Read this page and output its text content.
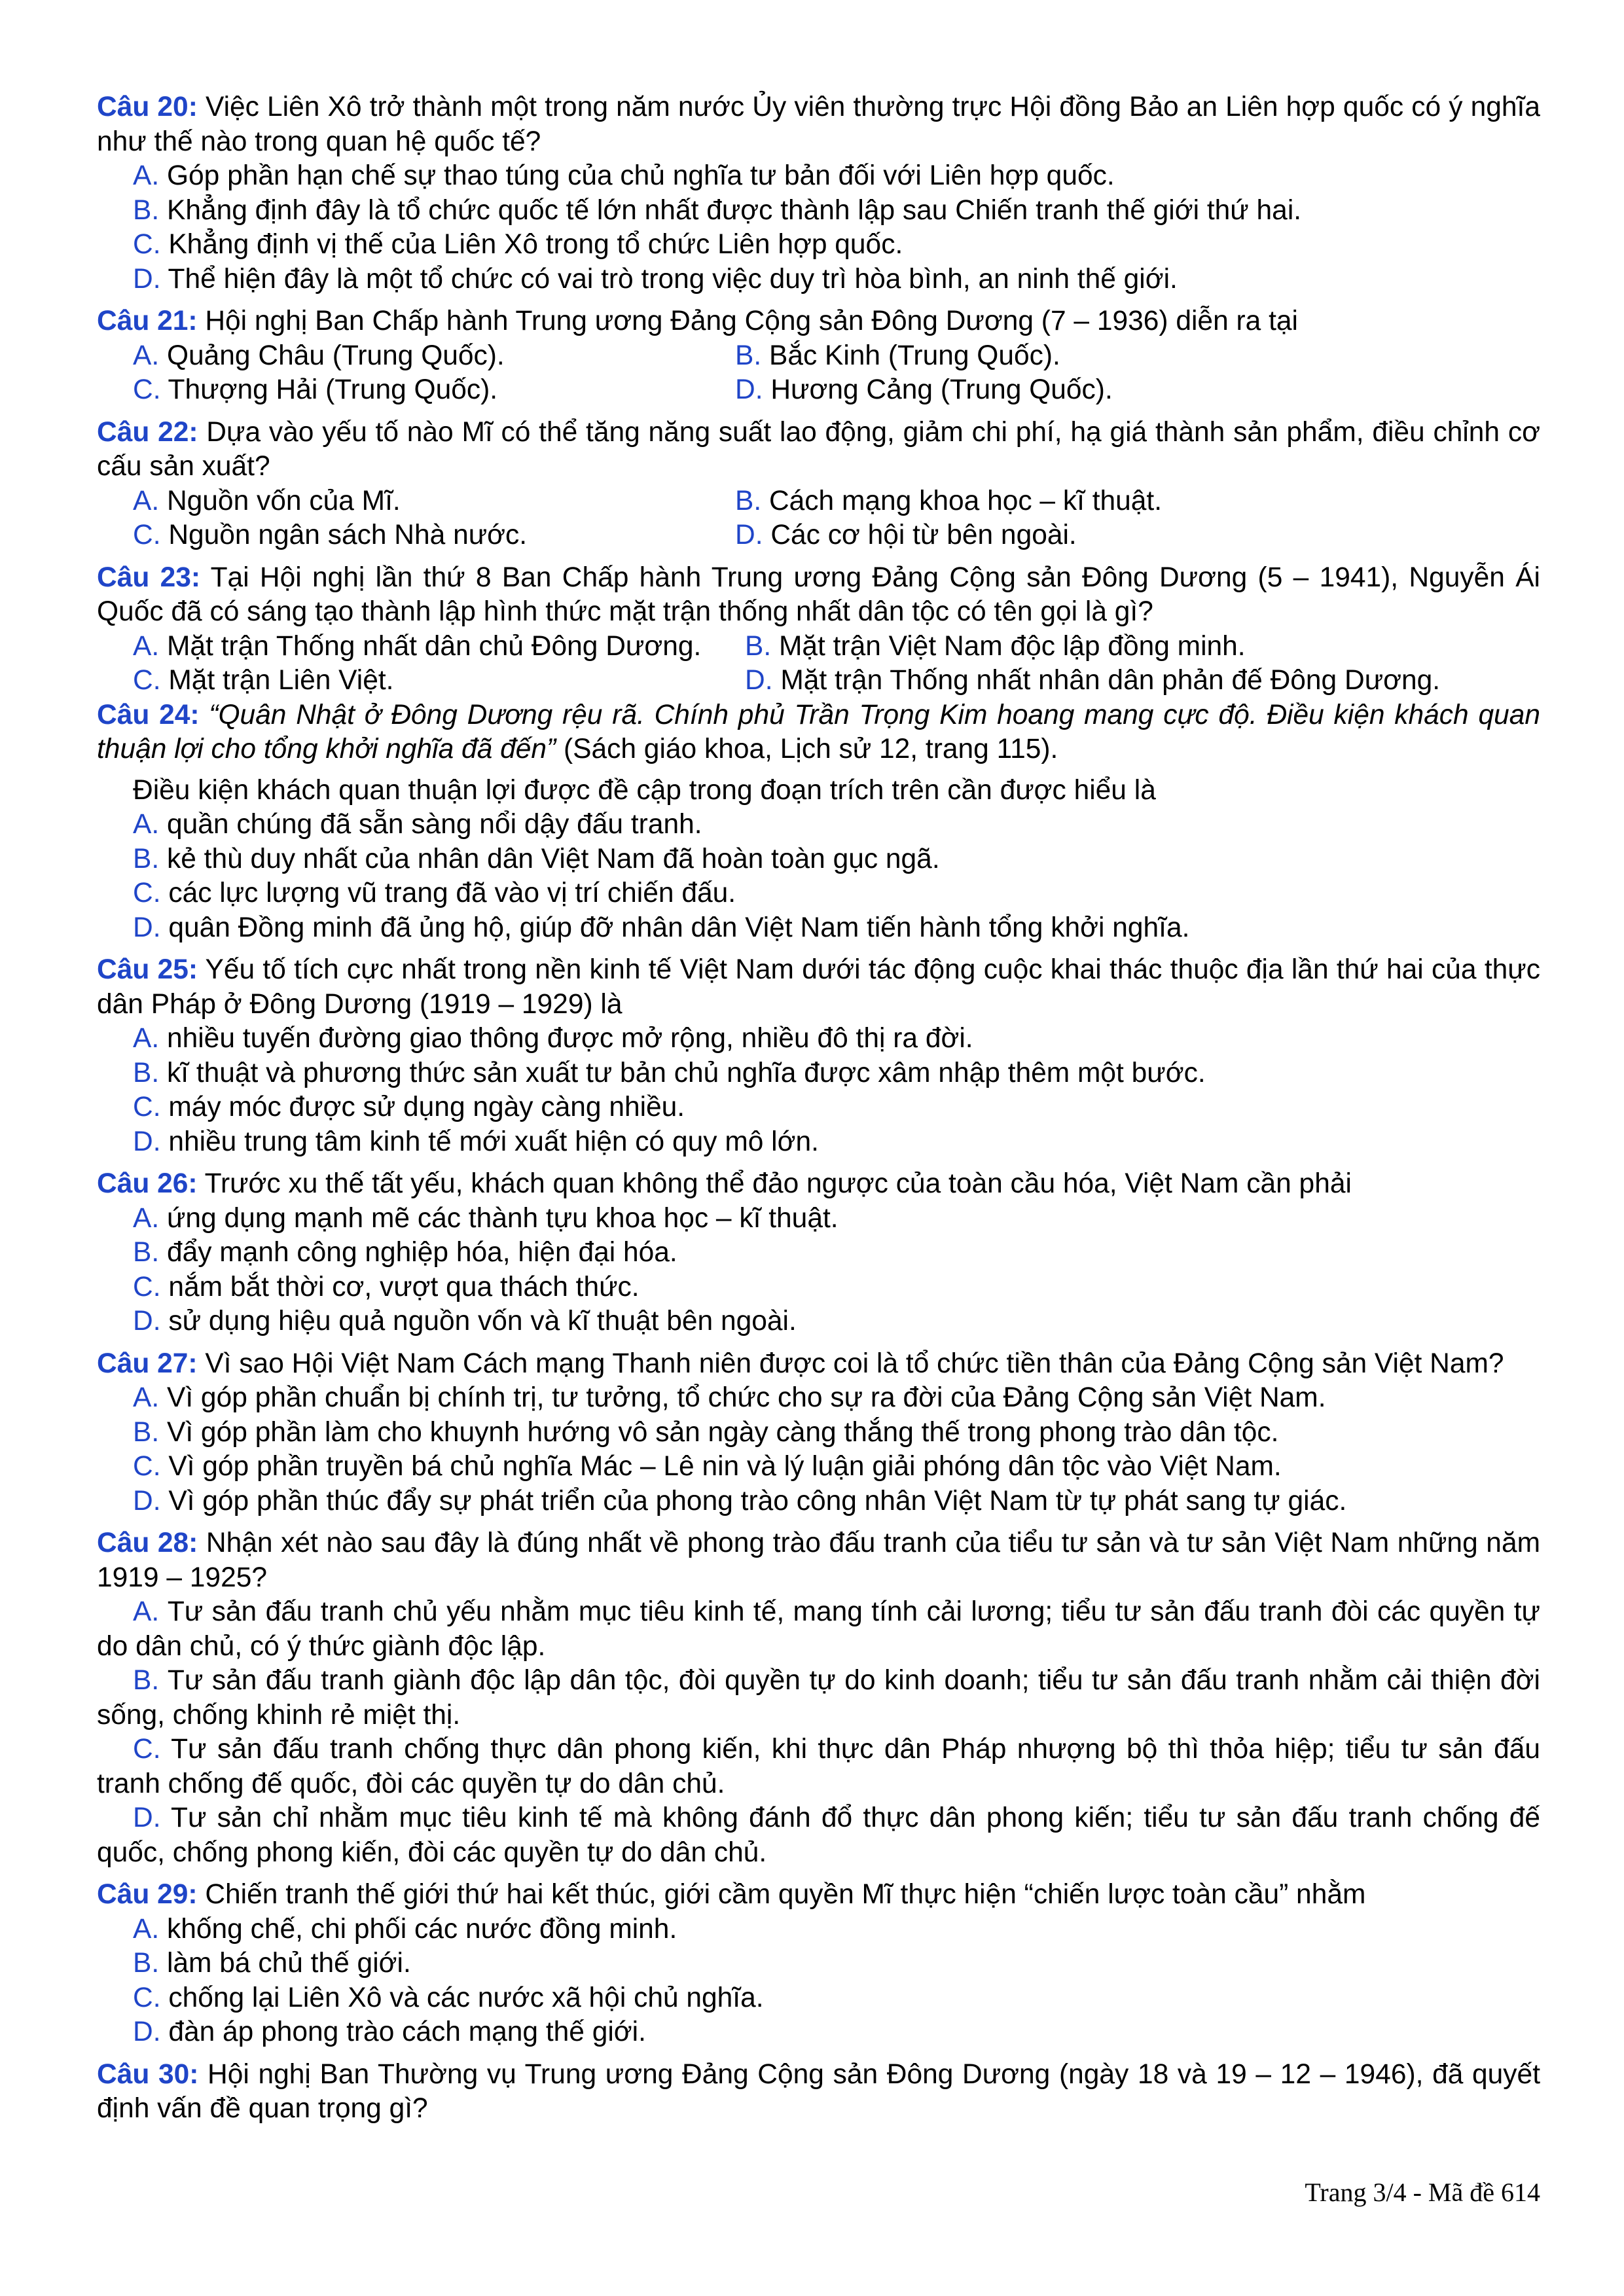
Câu 20: Việc Liên Xô trở thành một trong năm nước Ủy viên thường trực Hội đồng Bảo an Liên hợp quốc có ý nghĩa như thế nào trong quan hệ quốc tế?
A. Góp phần hạn chế sự thao túng của chủ nghĩa tư bản đối với Liên hợp quốc.
B. Khẳng định đây là tổ chức quốc tế lớn nhất được thành lập sau Chiến tranh thế giới thứ hai.
C. Khẳng định vị thế của Liên Xô trong tổ chức Liên hợp quốc.
D. Thể hiện đây là một tổ chức có vai trò trong việc duy trì hòa bình, an ninh thế giới.
Câu 21: Hội nghị Ban Chấp hành Trung ương Đảng Cộng sản Đông Dương (7 – 1936) diễn ra tại
A. Quảng Châu (Trung Quốc).	B. Bắc Kinh (Trung Quốc).
C. Thượng Hải (Trung Quốc).	D. Hương Cảng (Trung Quốc).
Câu 22: Dựa vào yếu tố nào Mĩ có thể tăng năng suất lao động, giảm chi phí, hạ giá thành sản phẩm, điều chỉnh cơ cấu sản xuất?
A. Nguồn vốn của Mĩ.	B. Cách mạng khoa học – kĩ thuật.
C. Nguồn ngân sách Nhà nước.	D. Các cơ hội từ bên ngoài.
Câu 23: Tại Hội nghị lần thứ 8 Ban Chấp hành Trung ương Đảng Cộng sản Đông Dương (5 – 1941), Nguyễn Ái Quốc đã có sáng tạo thành lập hình thức mặt trận thống nhất dân tộc có tên gọi là gì?
A. Mặt trận Thống nhất dân chủ Đông Dương.	B. Mặt trận Việt Nam độc lập đồng minh.
C. Mặt trận Liên Việt.	D. Mặt trận Thống nhất nhân dân phản đế Đông Dương.
Câu 24: “Quân Nhật ở Đông Dương rệu rã. Chính phủ Trần Trọng Kim hoang mang cực độ. Điều kiện khách quan thuận lợi cho tổng khởi nghĩa đã đến” (Sách giáo khoa, Lịch sử 12, trang 115).
Điều kiện khách quan thuận lợi được đề cập trong đoạn trích trên cần được hiểu là
A. quần chúng đã sẵn sàng nổi dậy đấu tranh.
B. kẻ thù duy nhất của nhân dân Việt Nam đã hoàn toàn gục ngã.
C. các lực lượng vũ trang đã vào vị trí chiến đấu.
D. quân Đồng minh đã ủng hộ, giúp đỡ nhân dân Việt Nam tiến hành tổng khởi nghĩa.
Câu 25: Yếu tố tích cực nhất trong nền kinh tế Việt Nam dưới tác động cuộc khai thác thuộc địa lần thứ hai của thực dân Pháp ở Đông Dương (1919 – 1929) là
A. nhiều tuyến đường giao thông được mở rộng, nhiều đô thị ra đời.
B. kĩ thuật và phương thức sản xuất tư bản chủ nghĩa được xâm nhập thêm một bước.
C. máy móc được sử dụng ngày càng nhiều.
D. nhiều trung tâm kinh tế mới xuất hiện có quy mô lớn.
Câu 26: Trước xu thế tất yếu, khách quan không thể đảo ngược của toàn cầu hóa, Việt Nam cần phải
A. ứng dụng mạnh mẽ các thành tựu khoa học – kĩ thuật.
B. đẩy mạnh công nghiệp hóa, hiện đại hóa.
C. nắm bắt thời cơ, vượt qua thách thức.
D. sử dụng hiệu quả nguồn vốn và kĩ thuật bên ngoài.
Câu 27: Vì sao Hội Việt Nam Cách mạng Thanh niên được coi là tổ chức tiền thân của Đảng Cộng sản Việt Nam?
A. Vì góp phần chuẩn bị chính trị, tư tưởng, tổ chức cho sự ra đời của Đảng Cộng sản Việt Nam.
B. Vì góp phần làm cho khuynh hướng vô sản ngày càng thắng thế trong phong trào dân tộc.
C. Vì góp phần truyền bá chủ nghĩa Mác – Lê nin và lý luận giải phóng dân tộc vào Việt Nam.
D. Vì góp phần thúc đẩy sự phát triển của phong trào công nhân Việt Nam từ tự phát sang tự giác.
Câu 28: Nhận xét nào sau đây là đúng nhất về phong trào đấu tranh của tiểu tư sản và tư sản Việt Nam những năm 1919 – 1925?
A. Tư sản đấu tranh chủ yếu nhằm mục tiêu kinh tế, mang tính cải lương; tiểu tư sản đấu tranh đòi các quyền tự do dân chủ, có ý thức giành độc lập.
B. Tư sản đấu tranh giành độc lập dân tộc, đòi quyền tự do kinh doanh; tiểu tư sản đấu tranh nhằm cải thiện đời sống, chống khinh rẻ miệt thị.
C. Tư sản đấu tranh chống thực dân phong kiến, khi thực dân Pháp nhượng bộ thì thỏa hiệp; tiểu tư sản đấu tranh chống đế quốc, đòi các quyền tự do dân chủ.
D. Tư sản chỉ nhằm mục tiêu kinh tế mà không đánh đổ thực dân phong kiến; tiểu tư sản đấu tranh chống đế quốc, chống phong kiến, đòi các quyền tự do dân chủ.
Câu 29: Chiến tranh thế giới thứ hai kết thúc, giới cầm quyền Mĩ thực hiện “chiến lược toàn cầu” nhằm
A. khống chế, chi phối các nước đồng minh.
B. làm bá chủ thế giới.
C. chống lại Liên Xô và các nước xã hội chủ nghĩa.
D. đàn áp phong trào cách mạng thế giới.
Câu 30: Hội nghị Ban Thường vụ Trung ương Đảng Cộng sản Đông Dương (ngày 18 và 19 – 12 – 1946), đã quyết định vấn đề quan trọng gì?
Trang 3/4 - Mã đề 614
